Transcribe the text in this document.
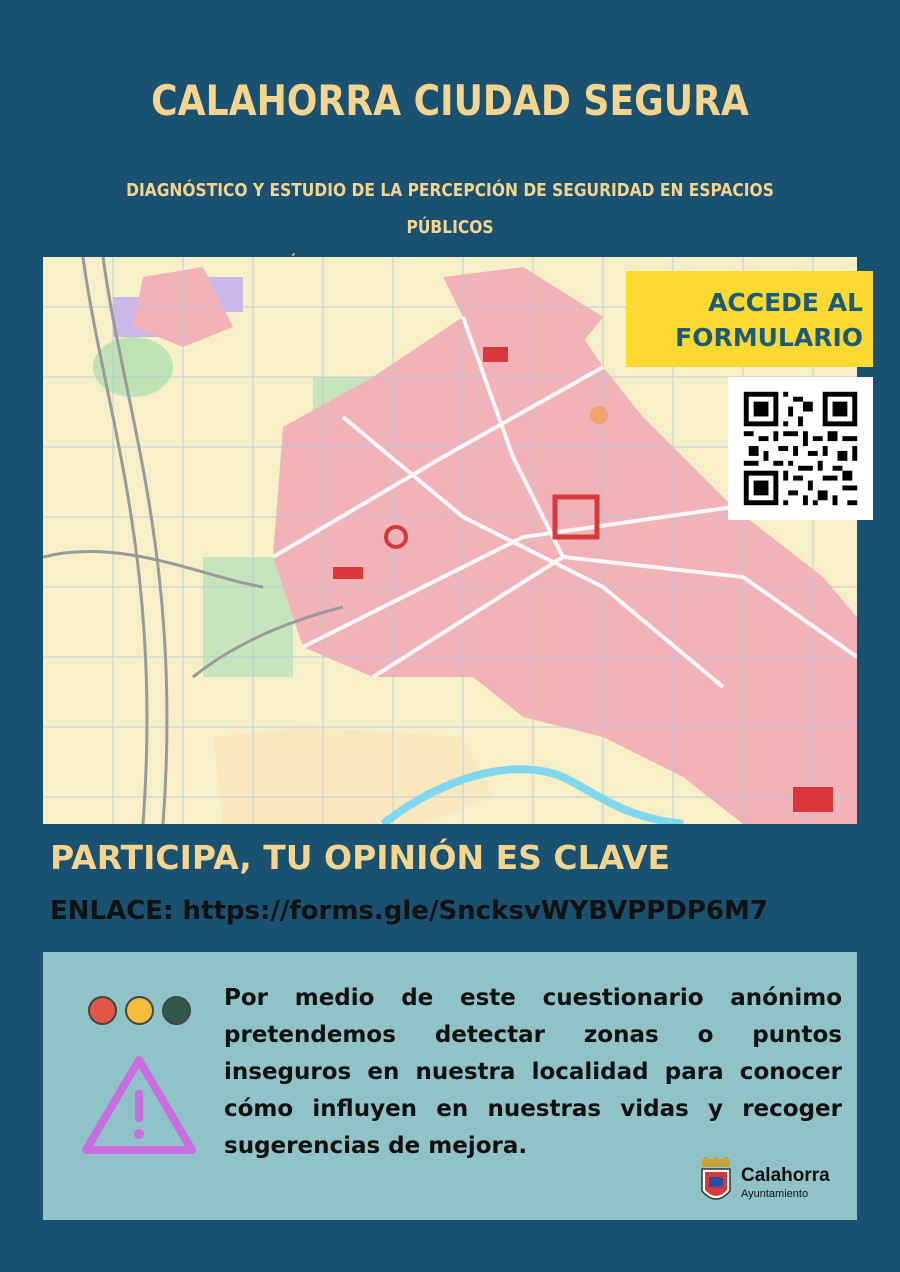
CALAHORRA CIUDAD SEGURA
DIAGNÓSTICO Y ESTUDIO DE LA PERCEPCIÓN DE SEGURIDAD EN ESPACIOS PÚBLICOS
ACCEDE AL
FORMULARIO
PARTICIPA, TU OPINIÓN ES CLAVE
ENLACE: https://forms.gle/SncksvWYBVPPDP6M7
Por medio de este cuestionario anónimo pretendemos detectar zonas o puntos inseguros en nuestra localidad para conocer cómo influyen en nuestras vidas y recoger sugerencias de mejora.
Calahorra
Ayuntamiento
